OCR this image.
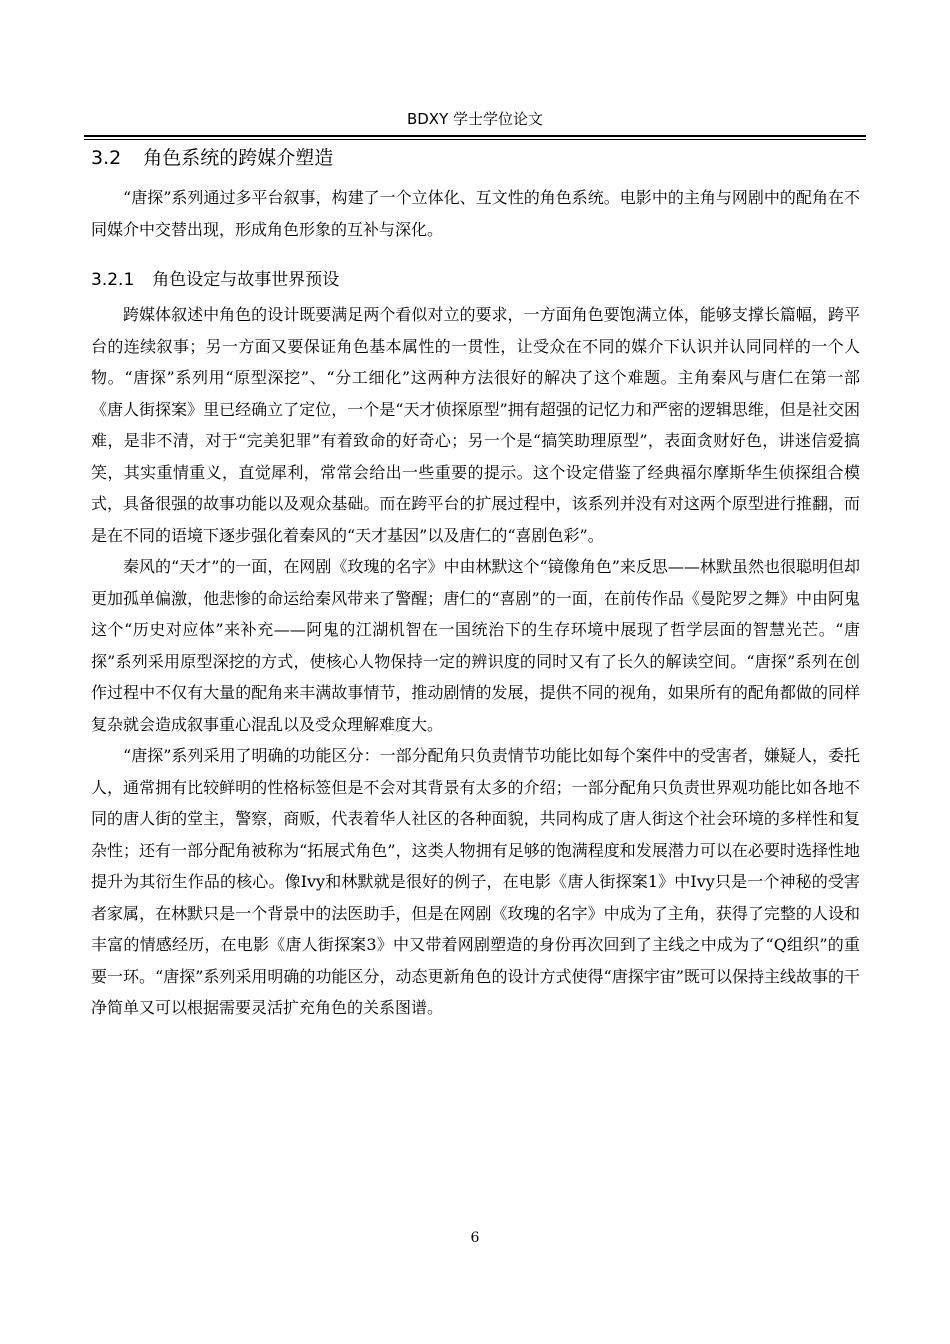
BDXY 学士学位论文
3.2 角色系统的跨媒介塑造

“唐探”系列通过多平台叙事，构建了一个立体化、互文性的角色系统。电影中的主角与网剧中的配角在不同媒介中交替出现，形成角色形象的互补与深化。

3.2.1 角色设定与故事世界预设

跨媒体叙述中角色的设计既要满足两个看似对立的要求，一方面角色要饱满立体，能够支撑长篇幅，跨平台的连续叙事；另一方面又要保证角色基本属性的一贯性，让受众在不同的媒介下认识并认同同样的一个人物。“唐探”系列用“原型深挖”、“分工细化”这两种方法很好的解决了这个难题。主角秦风与唐仁在第一部《唐人街探案》里已经确立了定位，一个是“天才侦探原型”拥有超强的记忆力和严密的逻辑思维，但是社交困难，是非不清，对于“完美犯罪”有着致命的好奇心；另一个是“搞笑助理原型”，表面贪财好色，讲迷信爱搞笑，其实重情重义，直觉犀利，常常会给出一些重要的提示。这个设定借鉴了经典福尔摩斯华生侦探组合模式，具备很强的故事功能以及观众基础。而在跨平台的扩展过程中，该系列并没有对这两个原型进行推翻，而是在不同的语境下逐步强化着秦风的“天才基因”以及唐仁的“喜剧色彩”。

秦风的“天才”的一面，在网剧《玫瑰的名字》中由林默这个“镜像角色”来反思——林默虽然也很聪明但却更加孤单偏激，他悲惨的命运给秦风带来了警醒；唐仁的“喜剧”的一面，在前传作品《曼陀罗之舞》中由阿鬼这个“历史对应体”来补充——阿鬼的江湖机智在一国统治下的生存环境中展现了哲学层面的智慧光芒。“唐探”系列采用原型深挖的方式，使核心人物保持一定的辨识度的同时又有了长久的解读空间。“唐探”系列在创作过程中不仅有大量的配角来丰满故事情节，推动剧情的发展，提供不同的视角，如果所有的配角都做的同样复杂就会造成叙事重心混乱以及受众理解难度大。

“唐探”系列采用了明确的功能区分：一部分配角只负责情节功能比如每个案件中的受害者，嫌疑人，委托人，通常拥有比较鲜明的性格标签但是不会对其背景有太多的介绍；一部分配角只负责世界观功能比如各地不同的唐人街的堂主，警察，商贩，代表着华人社区的各种面貌，共同构成了唐人街这个社会环境的多样性和复杂性；还有一部分配角被称为“拓展式角色”，这类人物拥有足够的饱满程度和发展潜力可以在必要时选择性地提升为其衍生作品的核心。像Ivy和林默就是很好的例子，在电影《唐人街探案1》中Ivy只是一个神秘的受害者家属，在林默只是一个背景中的法医助手，但是在网剧《玫瑰的名字》中成为了主角，获得了完整的人设和丰富的情感经历，在电影《唐人街探案3》中又带着网剧塑造的身份再次回到了主线之中成为了“Q组织”的重要一环。“唐探”系列采用明确的功能区分，动态更新角色的设计方式使得“唐探宇宙”既可以保持主线故事的干净简单又可以根据需要灵活扩充角色的关系图谱。

6
